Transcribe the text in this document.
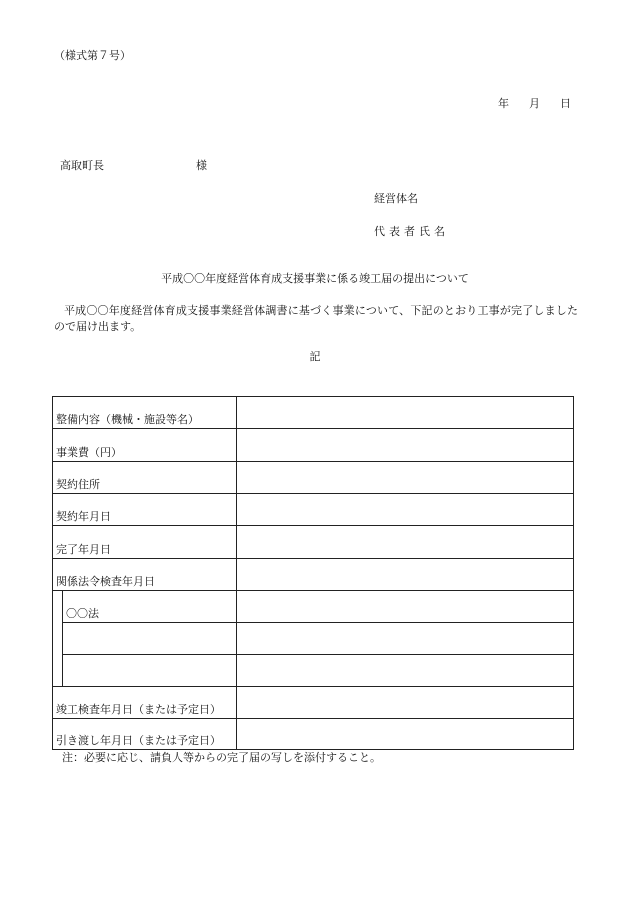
（様式第７号）
年 月 日
高取町長	様
経営体名
代表者氏名
平成〇〇年度経営体育成支援事業に係る竣工届の提出について
平成〇〇年度経営体育成支援事業経営体調書に基づく事業について、下記のとおり工事が完了しましたので届け出ます。
記
整備内容（機械・施設等名）
事業費（円）
契約住所
契約年月日
完了年月日
関係法令検査年月日
〇〇法
竣工検査年月日（または予定日）
引き渡し年月日（または予定日）
注：必要に応じ、請負人等からの完了届の写しを添付すること。
